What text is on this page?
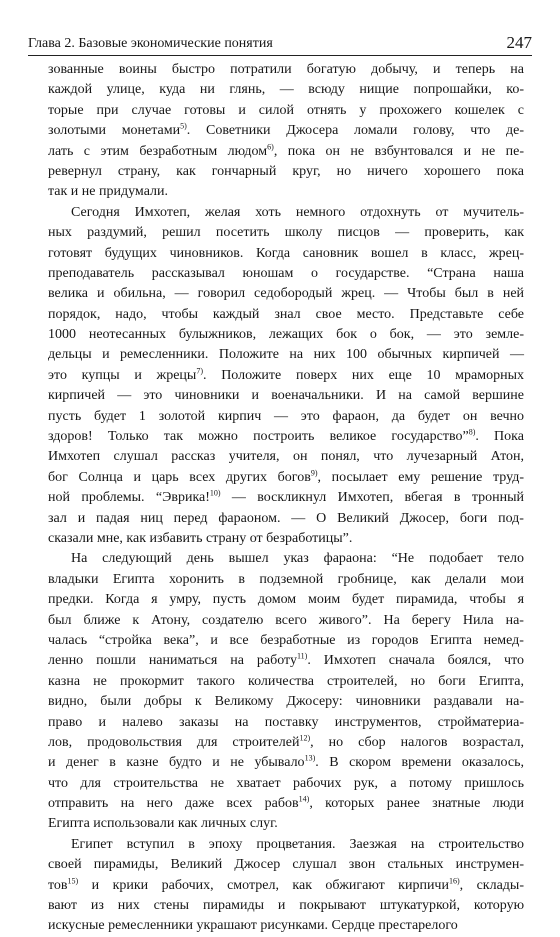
Глава 2. Базовые экономические понятия	247
зованные воины быстро потратили богатую добычу, и теперь на
каждой улице, куда ни глянь, — всюду нищие попрошайки, ко-
торые при случае готовы и силой отнять у прохожего кошелек с
золотыми монетами$^{5)}$. Советники Джосера ломали голову, что де-
лать с этим безработным людом$^{6)}$, пока он не взбунтовался и не пе-
ревернул страну, как гончарный круг, но ничего хорошего пока
так и не придумали.
Сегодня Имхотеп, желая хоть немного отдохнуть от мучитель-
ных раздумий, решил посетить школу писцов — проверить, как
готовят будущих чиновников. Когда сановник вошел в класс, жрец-
преподаватель рассказывал юношам о государстве. “Страна наша
велика и обильна, — говорил седобородый жрец. — Чтобы был в ней
порядок, надо, чтобы каждый знал свое место. Представьте себе
1000 неотесанных булыжников, лежащих бок о бок, — это земле-
дельцы и ремесленники. Положите на них 100 обычных кирпичей —
это купцы и жрецы$^{7)}$. Положите поверх них еще 10 мраморных
кирпичей — это чиновники и военачальники. И на самой вершине
пусть будет 1 золотой кирпич — это фараон, да будет он вечно
здоров! Только так можно построить великое государство”$^{8)}$. Пока
Имхотеп слушал рассказ учителя, он понял, что лучезарный Атон,
бог Солнца и царь всех других богов$^{9)}$, посылает ему решение труд-
ной проблемы. “Эврика!$^{10)}$ — воскликнул Имхотеп, вбегая в тронный
зал и падая ниц перед фараоном. — О Великий Джосер, боги под-
сказали мне, как избавить страну от безработицы”.
На следующий день вышел указ фараона: “Не подобает тело
владыки Египта хоронить в подземной гробнице, как делали мои
предки. Когда я умру, пусть домом моим будет пирамида, чтобы я
был ближе к Атону, создателю всего живого”. На берегу Нила на-
чалась “стройка века”, и все безработные из городов Египта немед-
ленно пошли наниматься на работу$^{11)}$. Имхотеп сначала боялся, что
казна не прокормит такого количества строителей, но боги Египта,
видно, были добры к Великому Джосеру: чиновники раздавали на-
право и налево заказы на поставку инструментов, стройматериа-
лов, продовольствия для строителей$^{12)}$, но сбор налогов возрастал,
и денег в казне будто и не убывало$^{13)}$. В скором времени оказалось,
что для строительства не хватает рабочих рук, а потому пришлось
отправить на него даже всех рабов$^{14)}$, которых ранее знатные люди
Египта использовали как личных слуг.
Египет вступил в эпоху процветания. Заезжая на строительство
своей пирамиды, Великий Джосер слушал звон стальных инструмен-
тов$^{15)}$ и крики рабочих, смотрел, как обжигают кирпичи$^{16)}$, склады-
вают из них стены пирамиды и покрывают штукатуркой, которую
искусные ремесленники украшают рисунками. Сердце престарелого
